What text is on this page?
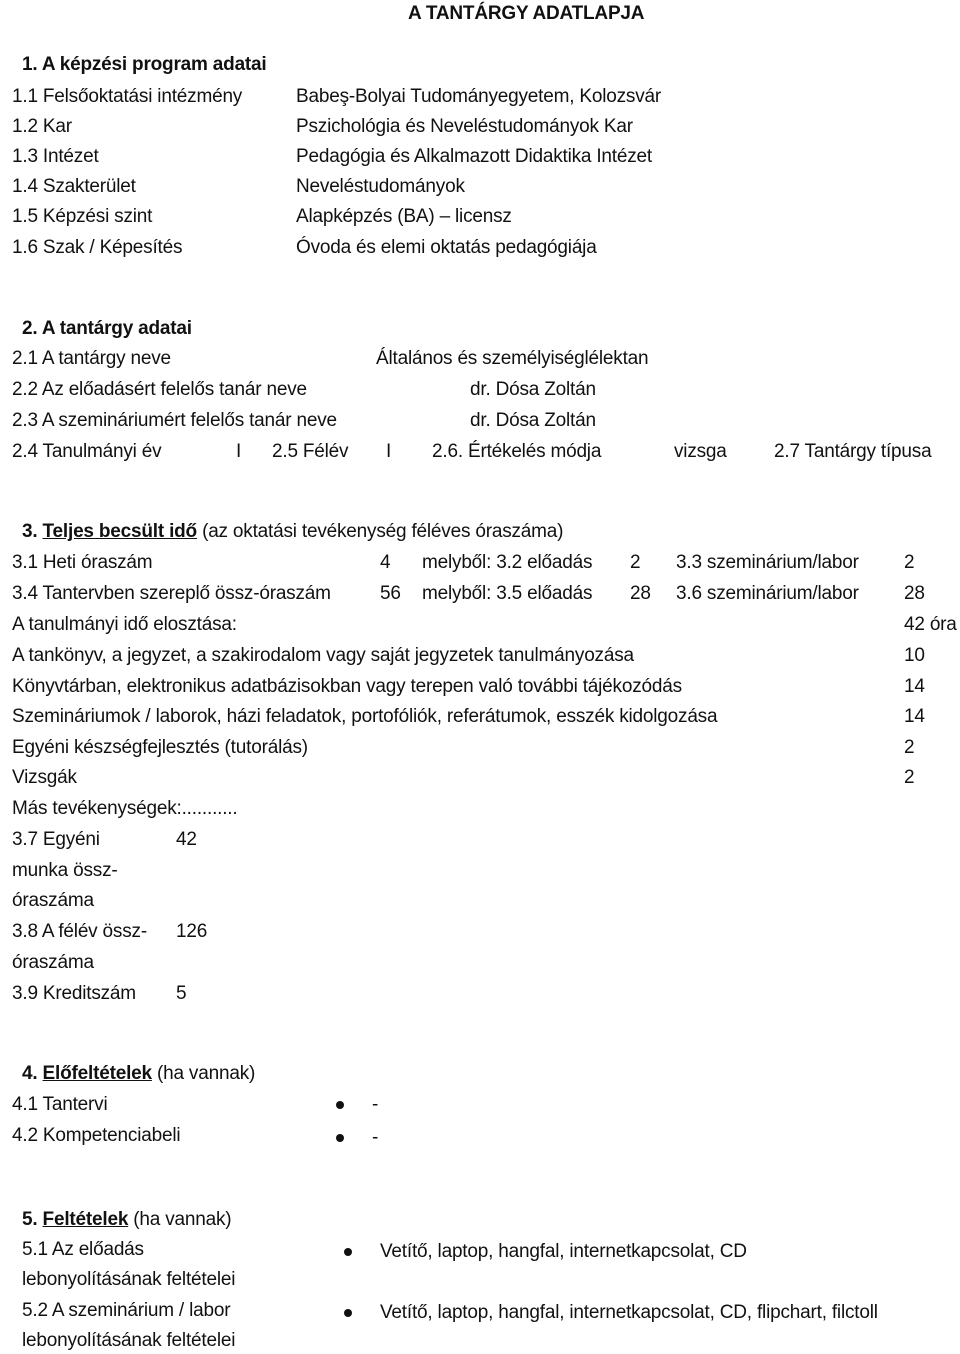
A TANTÁRGY ADATLAPJA
1. A képzési program adatai
1.1 Felsőoktatási intézmény	Babeş-Bolyai Tudományegyetem, Kolozsvár
1.2 Kar	Pszichológia és Neveléstudományok Kar
1.3 Intézet	Pedagógia és Alkalmazott Didaktika Intézet
1.4 Szakterület	Neveléstudományok
1.5 Képzési szint	Alapképzés (BA) – licensz
1.6 Szak / Képesítés	Óvoda és elemi oktatás pedagógiája
2. A tantárgy adatai
2.1 A tantárgy neve	Általános és személyiséglélektan
2.2 Az előadásért felelős tanár neve	dr. Dósa Zoltán
2.3 A szemináriumért felelős tanár neve	dr. Dósa Zoltán
2.4 Tanulmányi év	I 2.5 Félév I 2.6. Értékelés módja	vizsga 2.7 Tantárgy típusa
3. Teljes becsült idő (az oktatási tevékenység féléves óraszáma)
3.1 Heti óraszám	4 melyből: 3.2 előadás 2 3.3 szeminárium/labor 2
3.4 Tantervben szereplő össz-óraszám	56 melyből: 3.5 előadás 28 3.6 szeminárium/labor 28
A tanulmányi idő elosztása:	42 óra
A tankönyv, a jegyzet, a szakirodalom vagy saját jegyzetek tanulmányozása	10
Könyvtárban, elektronikus adatbázisokban vagy terepen való további tájékozódás	14
Szemináriumok / laborok, házi feladatok, portofóliók, referátumok, esszék kidolgozása	14
Egyéni készségfejlesztés (tutorálás)	2
Vizsgák	2
Más tevékenységek:...........
3.7 Egyéni	42
munka össz-
óraszáma
3.8 A félév össz- 126
óraszáma
3.9 Kreditszám 5
4. Előfeltételek (ha vannak)
4.1 Tantervi	-
4.2 Kompetenciabeli	-
5. Feltételek (ha vannak)
5.1 Az előadás
lebonyolításának feltételei
Vetítő, laptop, hangfal, internetkapcsolat, CD
5.2 A szeminárium / labor
lebonyolításának feltételei
Vetítő, laptop, hangfal, internetkapcsolat, CD, flipchart, filctoll
